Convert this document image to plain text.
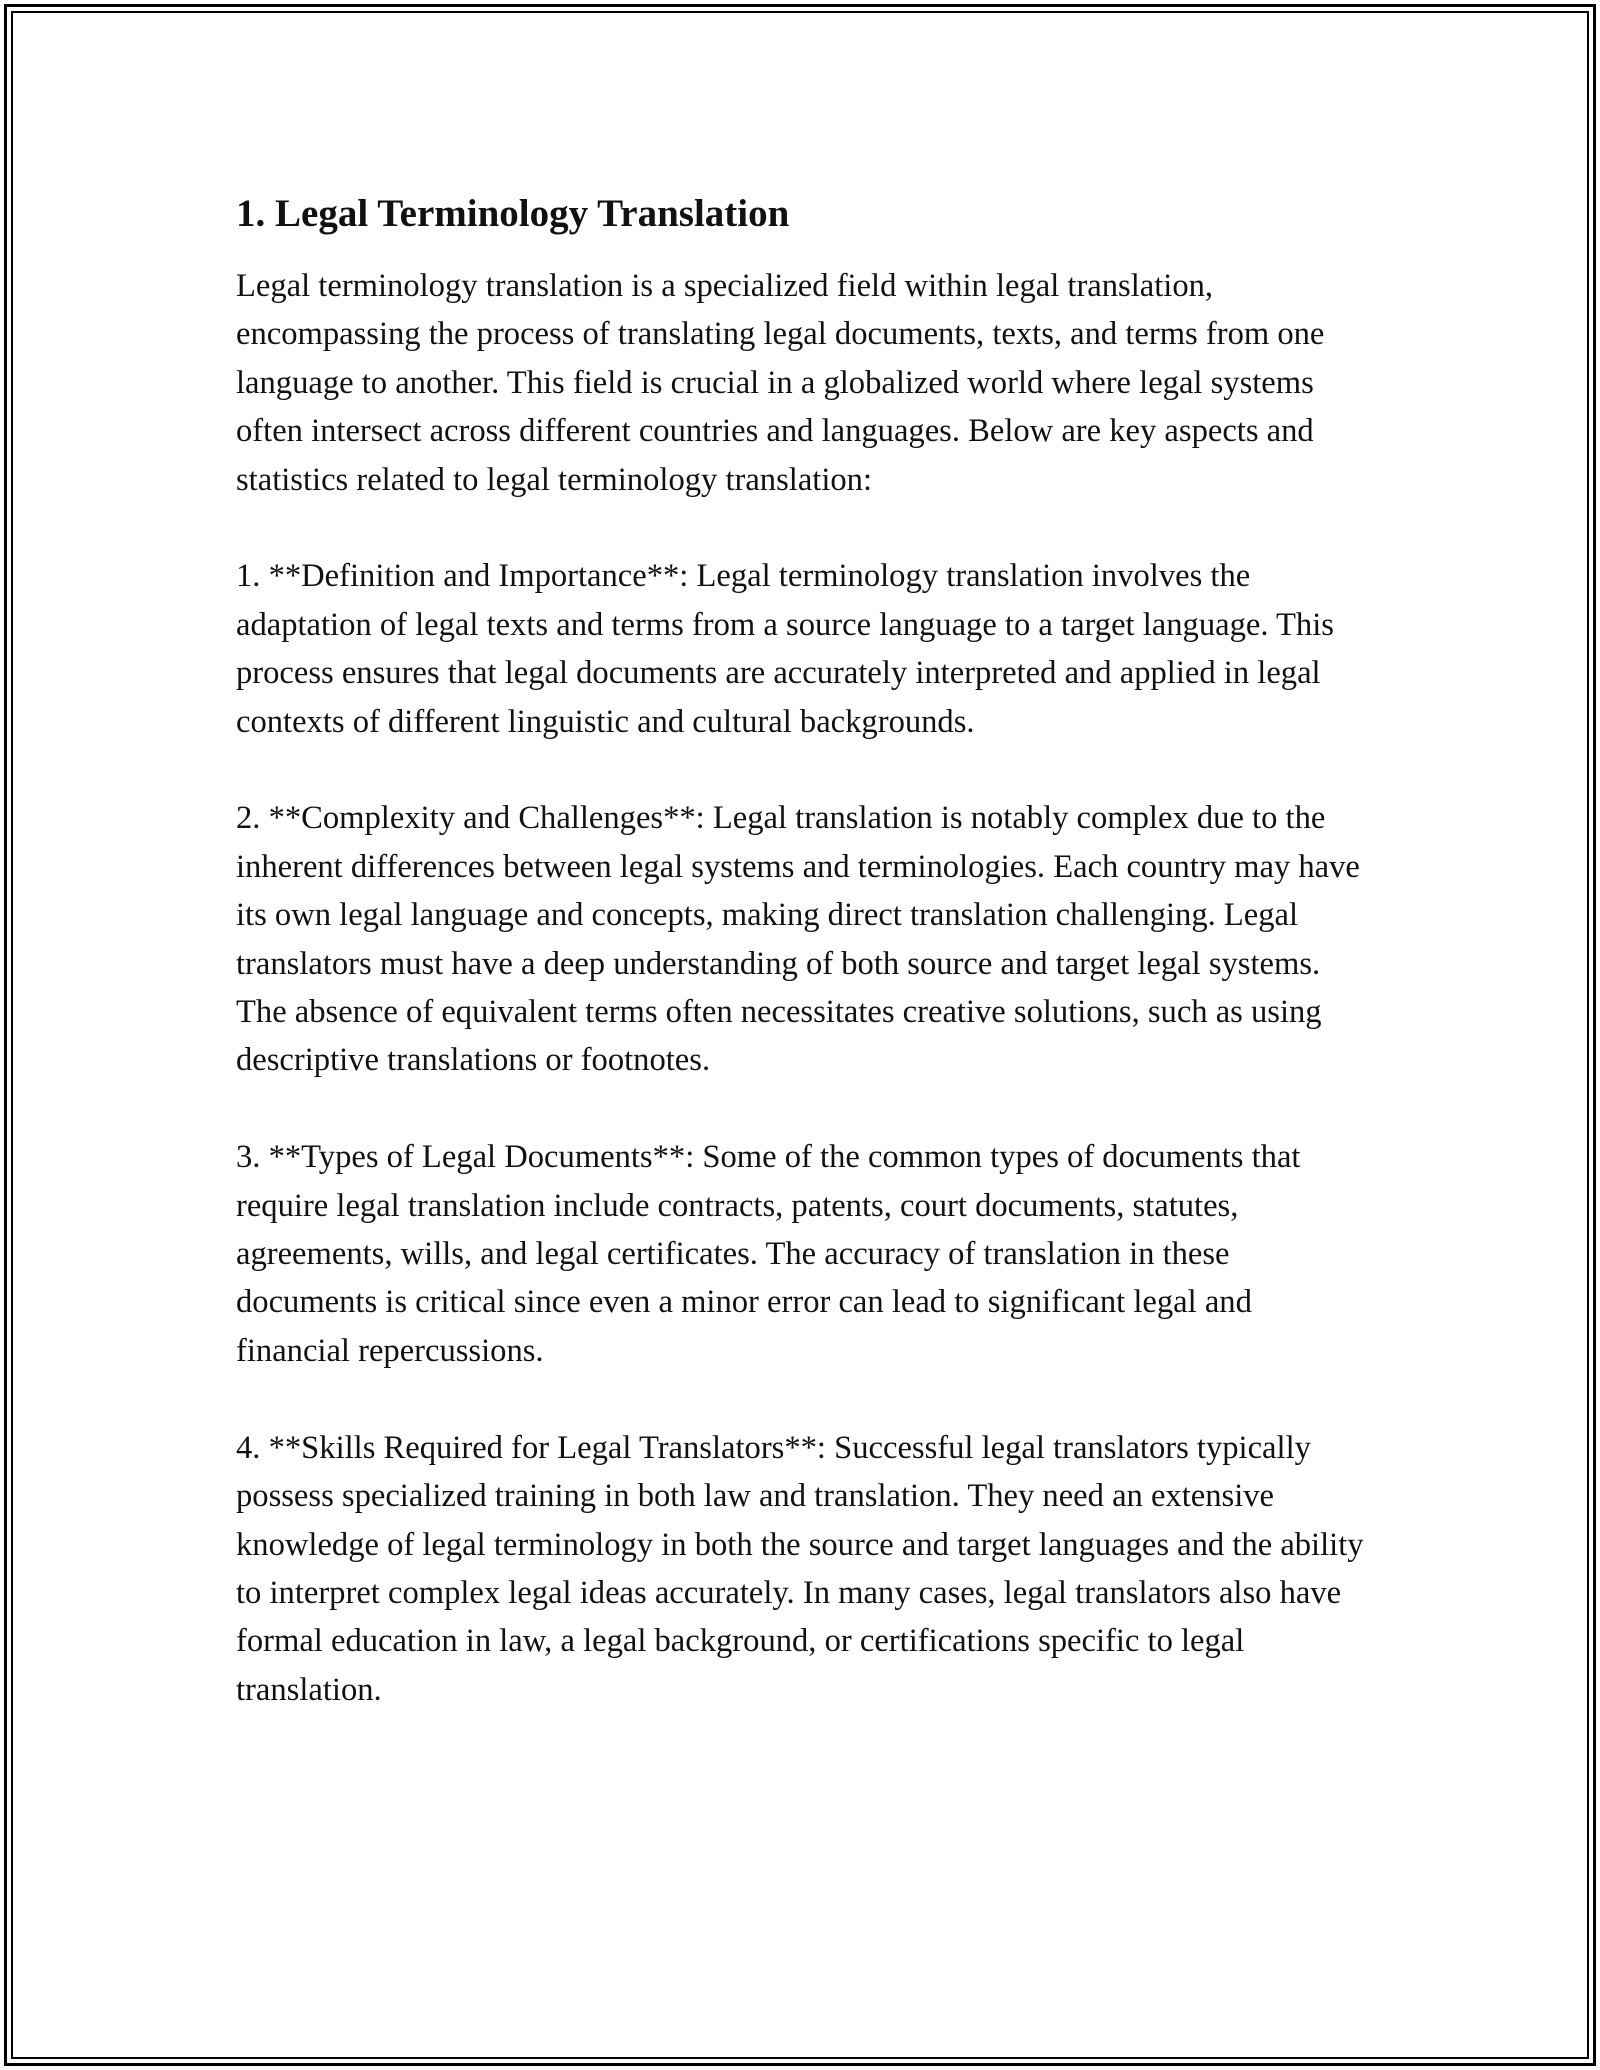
1. Legal Terminology Translation

Legal terminology translation is a specialized field within legal translation, encompassing the process of translating legal documents, texts, and terms from one language to another. This field is crucial in a globalized world where legal systems often intersect across different countries and languages. Below are key aspects and statistics related to legal terminology translation:

1. **Definition and Importance**: Legal terminology translation involves the adaptation of legal texts and terms from a source language to a target language. This process ensures that legal documents are accurately interpreted and applied in legal contexts of different linguistic and cultural backgrounds.

2. **Complexity and Challenges**: Legal translation is notably complex due to the inherent differences between legal systems and terminologies. Each country may have its own legal language and concepts, making direct translation challenging. Legal translators must have a deep understanding of both source and target legal systems. The absence of equivalent terms often necessitates creative solutions, such as using descriptive translations or footnotes.

3. **Types of Legal Documents**: Some of the common types of documents that require legal translation include contracts, patents, court documents, statutes, agreements, wills, and legal certificates. The accuracy of translation in these documents is critical since even a minor error can lead to significant legal and financial repercussions.

4. **Skills Required for Legal Translators**: Successful legal translators typically possess specialized training in both law and translation. They need an extensive knowledge of legal terminology in both the source and target languages and the ability to interpret complex legal ideas accurately. In many cases, legal translators also have formal education in law, a legal background, or certifications specific to legal translation.
